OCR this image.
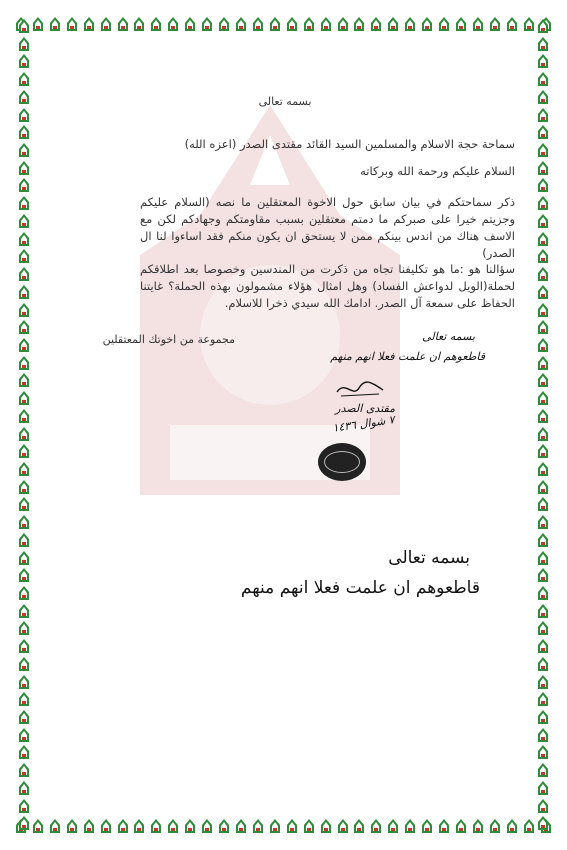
بسمه تعالى
سماحة حجة الاسلام والمسلمين السيد القائد مقتدى الصدر (اعزه الله)
السلام عليكم ورحمة الله وبركاته
ذكر سماحتكم في بيان سابق حول الاخوة المعتقلين ما نصه (السلام عليكم وجزيتم خيرا على صبركم ما دمتم معتقلين بسبب مقاومتكم وجهادكم لكن مع الاسف هناك من اندس بينكم ممن لا يستحق ان يكون منكم فقد اساءوا لنا ال الصدر)
سؤالنا هو :ما هو تكليفنا تجاه من ذكرت من المندسين وخصوصا بعد اطلاقكم لحملة(الويل لدواعش الفساد) وهل امثال هؤلاء مشمولون بهذه الحملة؟ غايتنا الحفاظ على سمعة آل الصدر. ادامك الله سيدي ذخرا للاسلام.
مجموعة من اخوتك المعتقلين	بسمه تعالى
قاطعوهم ان علمت فعلا انهم منهم
مقتدى الصدر
٧ شوال ١٤٣٦
بسمه تعالى
قاطعوهم ان علمت فعلا انهم منهم
